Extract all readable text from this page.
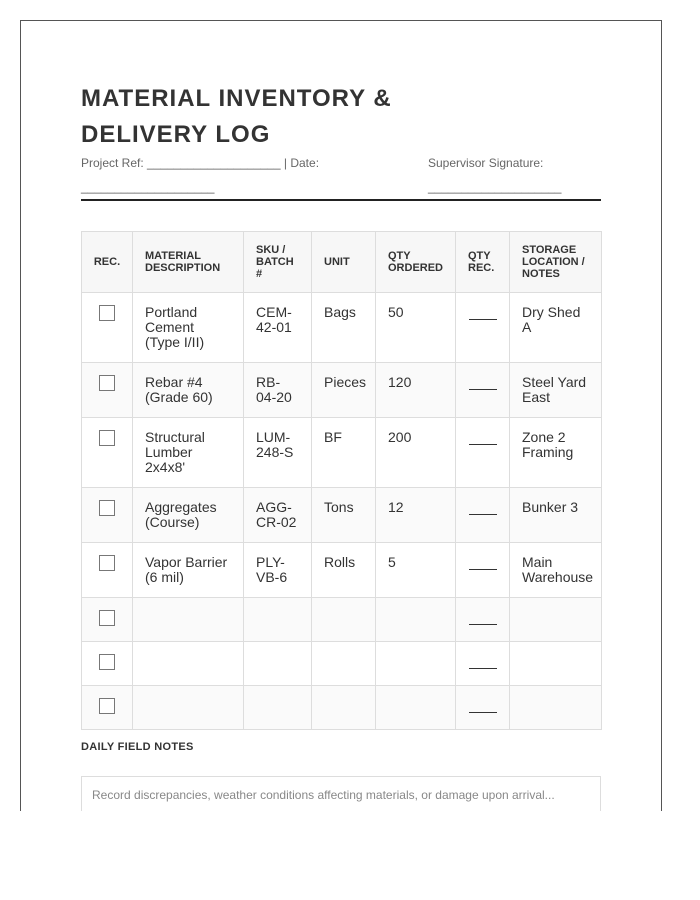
MATERIAL INVENTORY & DELIVERY LOG
Project Ref: ____________________ | Date: ____________________
Supervisor Signature: ____________________
REC.	MATERIAL DESCRIPTION	SKU / BATCH #	UNIT	QTY ORDERED	QTY REC.	STORAGE LOCATION / NOTES
	Portland Cement (Type I/II)	CEM-42-01	Bags	50		Dry Shed A
	Rebar #4 (Grade 60)	RB-04-20	Pieces	120		Steel Yard East
	Structural Lumber 2x4x8'	LUM-248-S	BF	200		Zone 2 Framing
	Aggregates (Course)	AGG-CR-02	Tons	12		Bunker 3
	Vapor Barrier (6 mil)	PLY-VB-6	Rolls	5		Main Warehouse

DAILY FIELD NOTES
Record discrepancies, weather conditions affecting materials, or damage upon arrival...
